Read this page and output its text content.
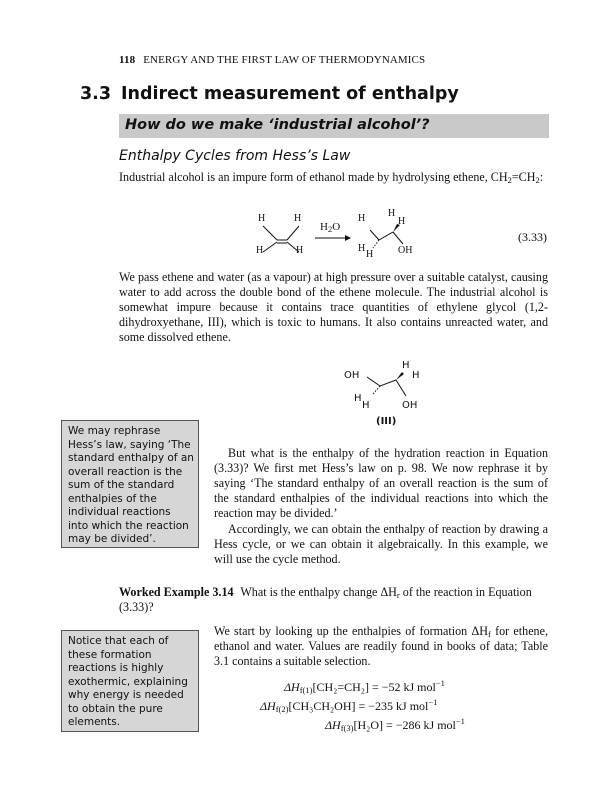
118 ENERGY AND THE FIRST LAW OF THERMODYNAMICS
3.3 Indirect measurement of enthalpy
How do we make ‘industrial alcohol’?
Enthalpy Cycles from Hess’s Law
Industrial alcohol is an impure form of ethanol made by hydrolysing ethene, $CH_2=CH_2$:
H	H
H	H
$H_2O$
H H
H
H
H OH
(3.33)
We pass ethene and water (as a vapour) at high pressure over a suitable catalyst, causing water to add across the double bond of the ethene molecule. The industrial alcohol is somewhat impure because it contains trace quantities of ethylene glycol (1,2-dihydroxyethane, III), which is toxic to humans. It also contains unreacted water, and some dissolved ethene.
OH
H
H
H
H	OH
(III)
We may rephrase Hess’s law, saying ‘The standard enthalpy of an overall reaction is the sum of the standard enthalpies of the individual reactions into which the reaction may be divided’.
But what is the enthalpy of the hydration reaction in Equation (3.33)? We first met Hess’s law on p. 98. We now rephrase it by saying ‘The standard enthalpy of an overall reaction is the sum of the standard enthalpies of the individual reactions into which the reaction may be divided.’
Accordingly, we can obtain the enthalpy of reaction by drawing a Hess cycle, or we can obtain it algebraically. In this example, we will use the cycle method.
Worked Example 3.14 What is the enthalpy change $\Delta H_r$ of the reaction in Equation (3.33)?
Notice that each of these formation reactions is highly exothermic, explaining why energy is needed to obtain the pure elements.
We start by looking up the enthalpies of formation $\Delta H_f$ for ethene, ethanol and water. Values are readily found in books of data; Table 3.1 contains a suitable selection.
$\Delta H_{f(1)}[CH_2=CH_2] = -52$ kJ mol$^{-1}$
$\Delta H_{f(2)}[CH_3CH_2OH] = -235$ kJ mol$^{-1}$
$\Delta H_{f(3)}[H_2O] = -286$ kJ mol$^{-1}$
